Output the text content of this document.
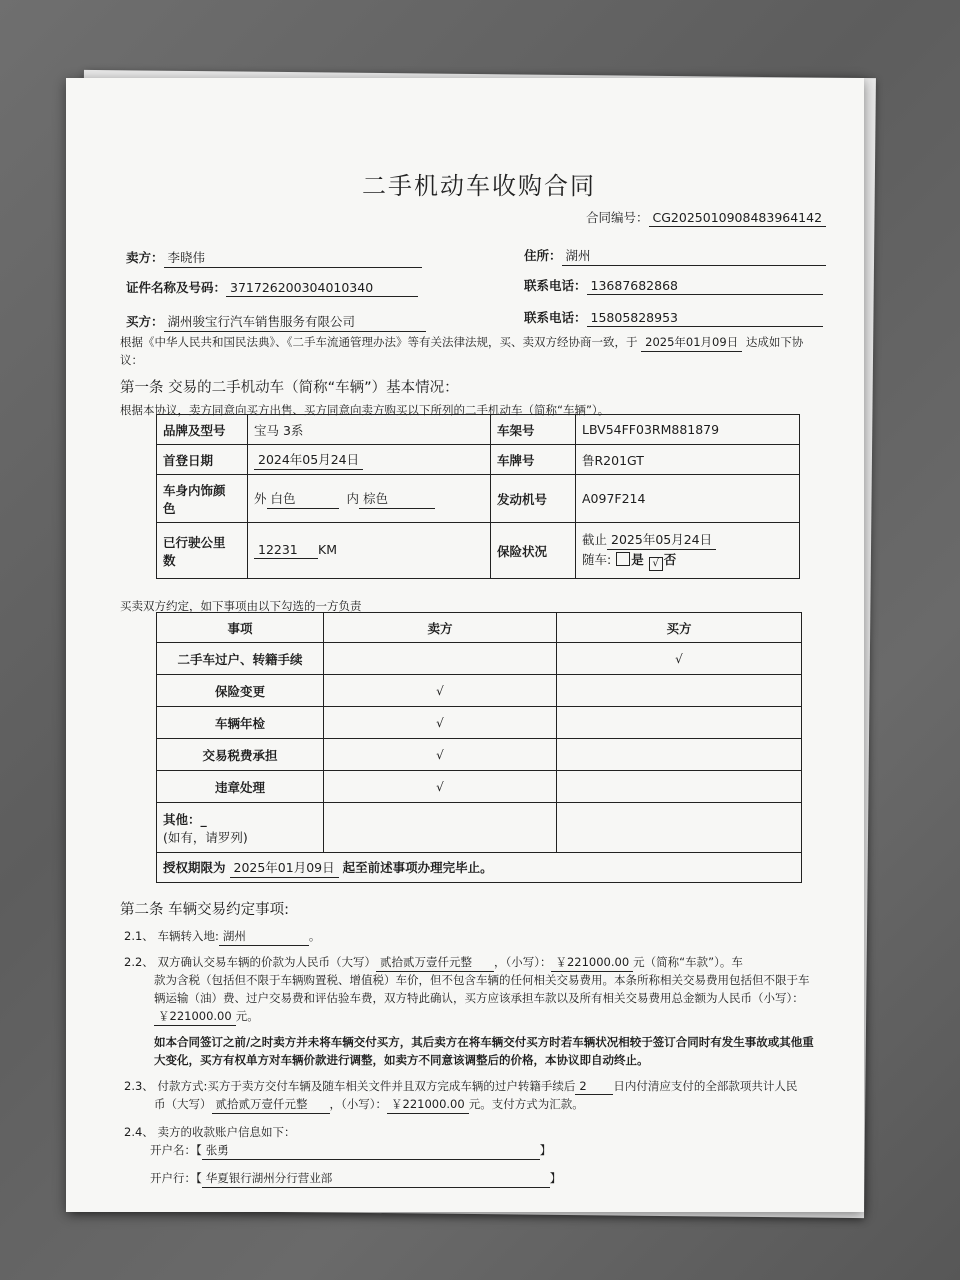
二手机动车收购合同
合同编号： CG2025010908483964142
卖方： 李晓伟	住所： 湖州
证件名称及号码： 371726200304010340	联系电话： 13687682868
买方： 湖州骏宝行汽车销售服务有限公司	联系电话： 15805828953
根据《中华人民共和国民法典》、《二手车流通管理办法》等有关法律法规，买、卖双方经协商一致，于 2025年01月09日 达成如下协
议：
第一条 交易的二手机动车（简称“车辆”）基本情况：
根据本协议，卖方同意向买方出售、买方同意向卖方购买以下所列的二手机动车（简称“车辆”）。
品牌及型号	宝马 3系	车架号	LBV54FF03RM881879
首登日期	2024年05月24日	车牌号	鲁R201GT
车身内饰颜
色	外 白色 内 棕色	发动机号	A097F214
已行驶公里
数	12231 KM	保险状况	截止 2025年05月24日
随车: 是 √ 否
买卖双方约定，如下事项由以下勾选的一方负责
事项	卖方	买方
二手车过户、转籍手续		√
保险变更	√	
车辆年检	√	
交易税费承担	√	
违章处理	√	
其他：_
(如有，请罗列)		
授权期限为 2025年01月09日 起至前述事项办理完毕止。		
第二条 车辆交易约定事项:
2.1、 车辆转入地: 湖州	。
2.2、 双方确认交易车辆的价款为人民币（大写） 贰拾贰万壹仟元整 ，（小写）： ￥221000.00 元（简称“车款”）。车
款为含税（包括但不限于车辆购置税、增值税）车价，但不包含车辆的任何相关交易费用。本条所称相关交易费用包括但不限于车
辆运输（油）费、过户交易费和评估验车费，双方特此确认，买方应该承担车款以及所有相关交易费用总金额为人民币（小写）：
￥221000.00 元。
如本合同签订之前/之时卖方并未将车辆交付买方，其后卖方在将车辆交付买方时若车辆状况相较于签订合同时有发生事故或其他重
大变化，买方有权单方对车辆价款进行调整，如卖方不同意该调整后的价格，本协议即自动终止。
2.3、 付款方式:买方于卖方交付车辆及随车相关文件并且双方完成车辆的过户转籍手续后 2 日内付清应支付的全部款项共计人民
币（大写） 贰拾贰万壹仟元整 ，（小写）： ￥221000.00 元。支付方式为汇款。
2.4、 卖方的收款账户信息如下：
开户名：【 张勇	】
开户行：【 华夏银行湖州分行营业部	】
